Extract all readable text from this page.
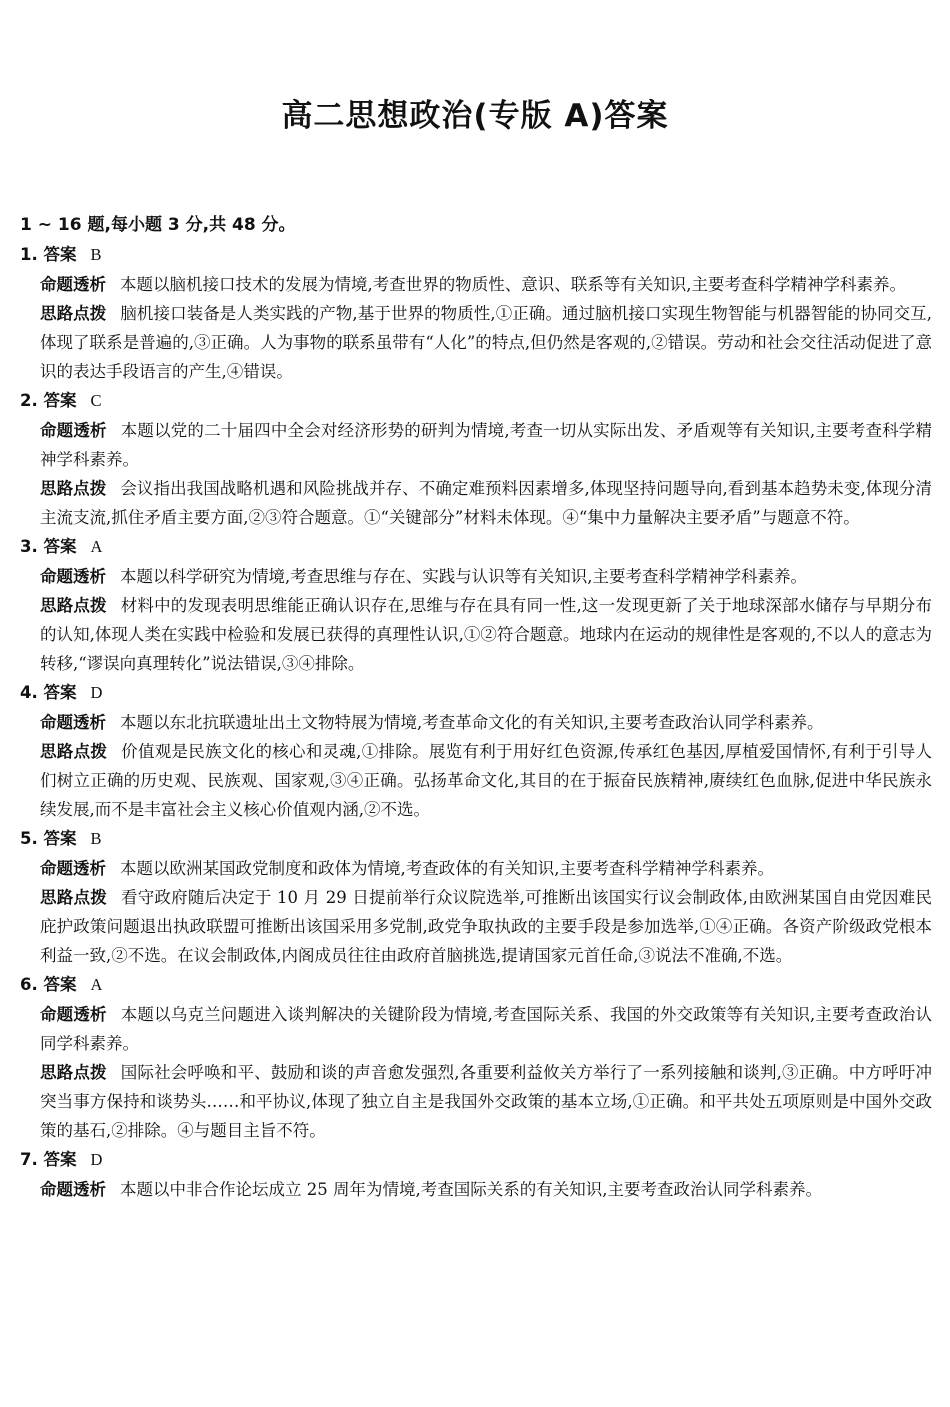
高二思想政治(专版 A)答案
1 ~ 16 题,每小题 3 分,共 48 分。
1. 答案 B
命题透析 本题以脑机接口技术的发展为情境,考查世界的物质性、意识、联系等有关知识,主要考查科学精神学科素养。
思路点拨 脑机接口装备是人类实践的产物,基于世界的物质性,①正确。通过脑机接口实现生物智能与机器智能的协同交互,体现了联系是普遍的,③正确。人为事物的联系虽带有“人化”的特点,但仍然是客观的,②错误。劳动和社会交往活动促进了意识的表达手段语言的产生,④错误。
2. 答案 C
命题透析 本题以党的二十届四中全会对经济形势的研判为情境,考查一切从实际出发、矛盾观等有关知识,主要考查科学精神学科素养。
思路点拨 会议指出我国战略机遇和风险挑战并存、不确定难预料因素增多,体现坚持问题导向,看到基本趋势未变,体现分清主流支流,抓住矛盾主要方面,②③符合题意。①“关键部分”材料未体现。④“集中力量解决主要矛盾”与题意不符。
3. 答案 A
命题透析 本题以科学研究为情境,考查思维与存在、实践与认识等有关知识,主要考查科学精神学科素养。
思路点拨 材料中的发现表明思维能正确认识存在,思维与存在具有同一性,这一发现更新了关于地球深部水储存与早期分布的认知,体现人类在实践中检验和发展已获得的真理性认识,①②符合题意。地球内在运动的规律性是客观的,不以人的意志为转移,“谬误向真理转化”说法错误,③④排除。
4. 答案 D
命题透析 本题以东北抗联遗址出土文物特展为情境,考查革命文化的有关知识,主要考查政治认同学科素养。
思路点拨 价值观是民族文化的核心和灵魂,①排除。展览有利于用好红色资源,传承红色基因,厚植爱国情怀,有利于引导人们树立正确的历史观、民族观、国家观,③④正确。弘扬革命文化,其目的在于振奋民族精神,赓续红色血脉,促进中华民族永续发展,而不是丰富社会主义核心价值观内涵,②不选。
5. 答案 B
命题透析 本题以欧洲某国政党制度和政体为情境,考查政体的有关知识,主要考查科学精神学科素养。
思路点拨 看守政府随后决定于 10 月 29 日提前举行众议院选举,可推断出该国实行议会制政体,由欧洲某国自由党因难民庇护政策问题退出执政联盟可推断出该国采用多党制,政党争取执政的主要手段是参加选举,①④正确。各资产阶级政党根本利益一致,②不选。在议会制政体,内阁成员往往由政府首脑挑选,提请国家元首任命,③说法不准确,不选。
6. 答案 A
命题透析 本题以乌克兰问题进入谈判解决的关键阶段为情境,考查国际关系、我国的外交政策等有关知识,主要考查政治认同学科素养。
思路点拨 国际社会呼唤和平、鼓励和谈的声音愈发强烈,各重要利益攸关方举行了一系列接触和谈判,③正确。中方呼吁冲突当事方保持和谈势头……和平协议,体现了独立自主是我国外交政策的基本立场,①正确。和平共处五项原则是中国外交政策的基石,②排除。④与题目主旨不符。
7. 答案 D
命题透析 本题以中非合作论坛成立 25 周年为情境,考查国际关系的有关知识,主要考查政治认同学科素养。
